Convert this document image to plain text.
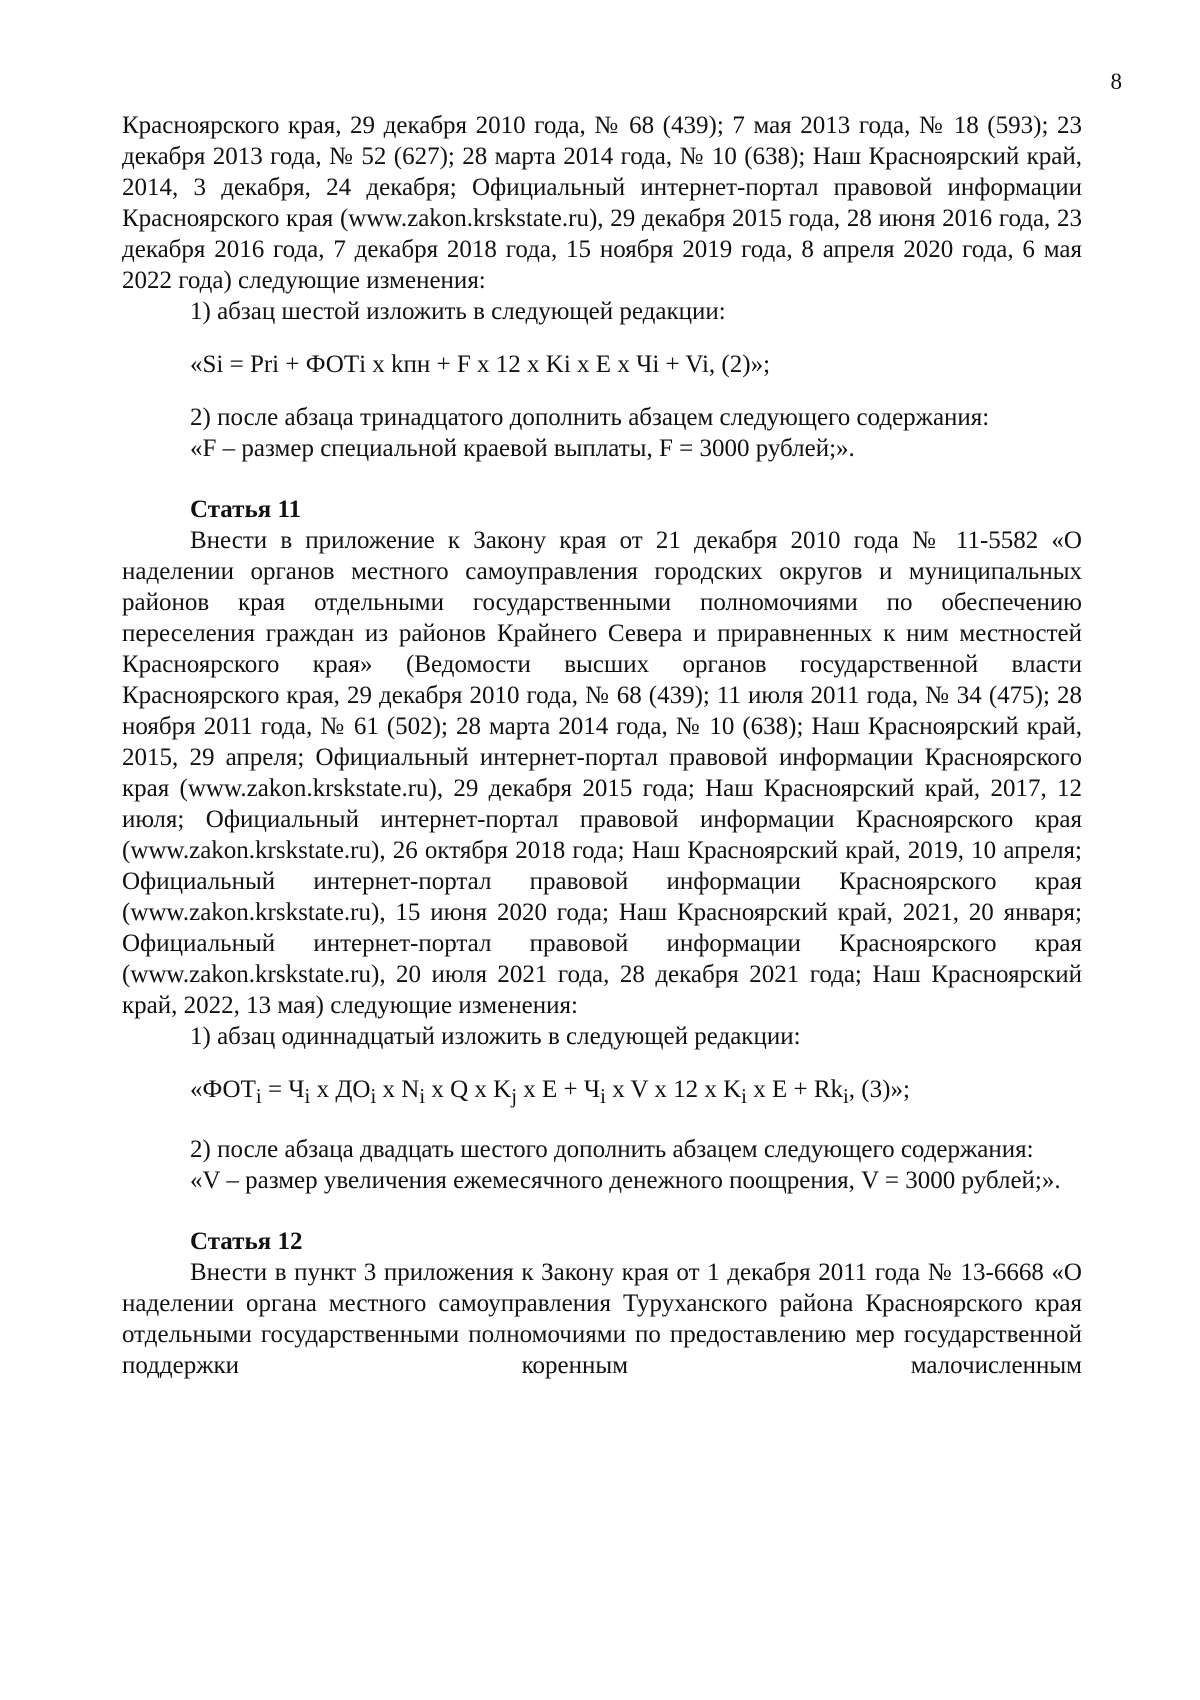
8

Красноярского края, 29 декабря 2010 года, № 68 (439); 7 мая 2013 года, № 18 (593); 23 декабря 2013 года, № 52 (627); 28 марта 2014 года, № 10 (638); Наш Красноярский край, 2014, 3 декабря, 24 декабря; Официальный интернет-портал правовой информации Красноярского края (www.zakon.krskstate.ru), 29 декабря 2015 года, 28 июня 2016 года, 23 декабря 2016 года, 7 декабря 2018 года, 15 ноября 2019 года, 8 апреля 2020 года, 6 мая 2022 года) следующие изменения:

1) абзац шестой изложить в следующей редакции:

«Si = Pri + ФОТi x kпн + F x 12 x Ki x E x Чi + Vi, (2)»;

2) после абзаца тринадцатого дополнить абзацем следующего содержания:

«F – размер специальной краевой выплаты, F = 3000 рублей;».

Статья 11

Внести в приложение к Закону края от 21 декабря 2010 года № 11-5582 «О наделении органов местного самоуправления городских округов и муниципальных районов края отдельными государственными полномочиями по обеспечению переселения граждан из районов Крайнего Севера и приравненных к ним местностей Красноярского края» (Ведомости высших органов государственной власти Красноярского края, 29 декабря 2010 года, № 68 (439); 11 июля 2011 года, № 34 (475); 28 ноября 2011 года, № 61 (502); 28 марта 2014 года, № 10 (638); Наш Красноярский край, 2015, 29 апреля; Официальный интернет-портал правовой информации Красноярского края (www.zakon.krskstate.ru), 29 декабря 2015 года; Наш Красноярский край, 2017, 12 июля; Официальный интернет-портал правовой информации Красноярского края (www.zakon.krskstate.ru), 26 октября 2018 года; Наш Красноярский край, 2019, 10 апреля; Официальный интернет-портал правовой информации Красноярского края (www.zakon.krskstate.ru), 15 июня 2020 года; Наш Красноярский край, 2021, 20 января; Официальный интернет-портал правовой информации Красноярского края (www.zakon.krskstate.ru), 20 июля 2021 года, 28 декабря 2021 года; Наш Красноярский край, 2022, 13 мая) следующие изменения:

1) абзац одиннадцатый изложить в следующей редакции:

«$ФОТ_i = Ч_i$ x $ДО_i$ x $N_i$ x Q x $K_j$ x $E + Ч_i$ x V x 12 x $K_i$ x $E + Rk_i$, (3)»;

2) после абзаца двадцать шестого дополнить абзацем следующего содержания:

«V – размер увеличения ежемесячного денежного поощрения, V = 3000 рублей;».

Статья 12

Внести в пункт 3 приложения к Закону края от 1 декабря 2011 года № 13-6668 «О наделении органа местного самоуправления Туруханского района Красноярского края отдельными государственными полномочиями по предоставлению мер государственной поддержки коренным малочисленным
